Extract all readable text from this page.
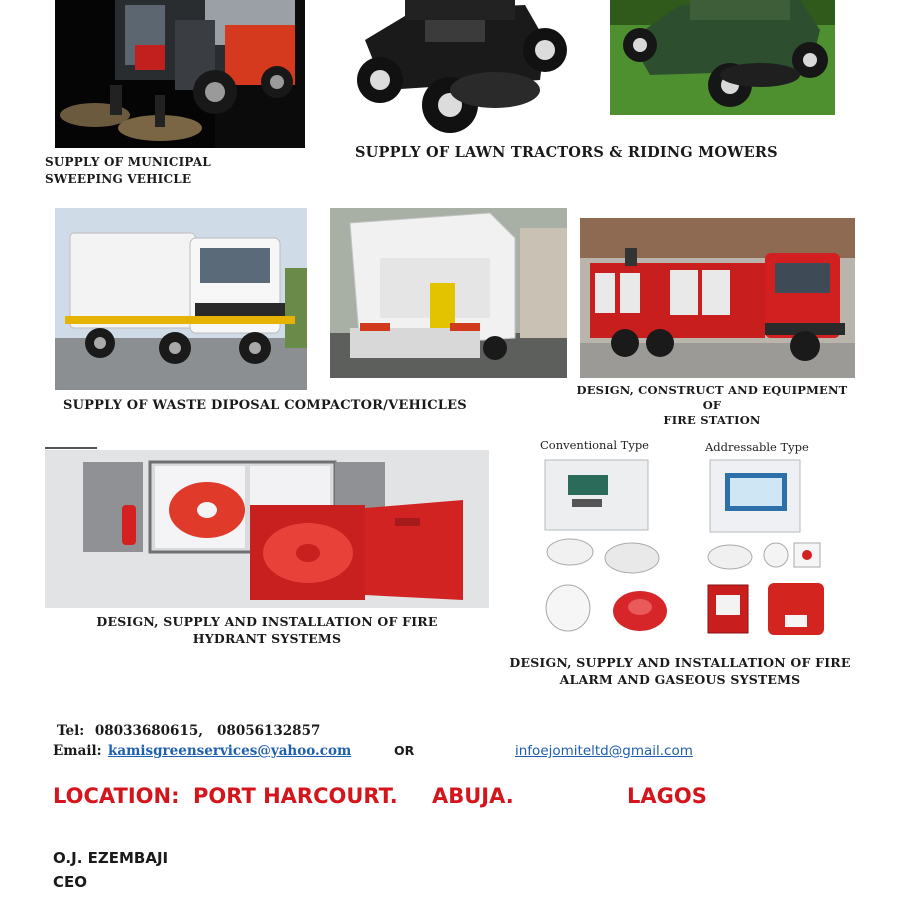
SUPPLY OF MUNICIPAL
SWEEPING VEHICLE
SUPPLY OF LAWN TRACTORS & RIDING MOWERS
SUPPLY OF WASTE DIPOSAL COMPACTOR/VEHICLES
DESIGN, CONSTRUCT AND EQUIPMENT OF
FIRE STATION
DESIGN, SUPPLY AND INSTALLATION OF FIRE
HYDRANT SYSTEMS
Conventional Type	Addressable Type
DESIGN, SUPPLY AND INSTALLATION OF FIRE
ALARM AND GASEOUS SYSTEMS
Tel: 08033680615,   08056132857
Email: kamisgreenservices@yahoo.com	OR	infoejomiteltd@gmail.com
LOCATION: PORT HARCOURT. ABUJA.	LAGOS
O.J. EZEMBAJI
CEO
